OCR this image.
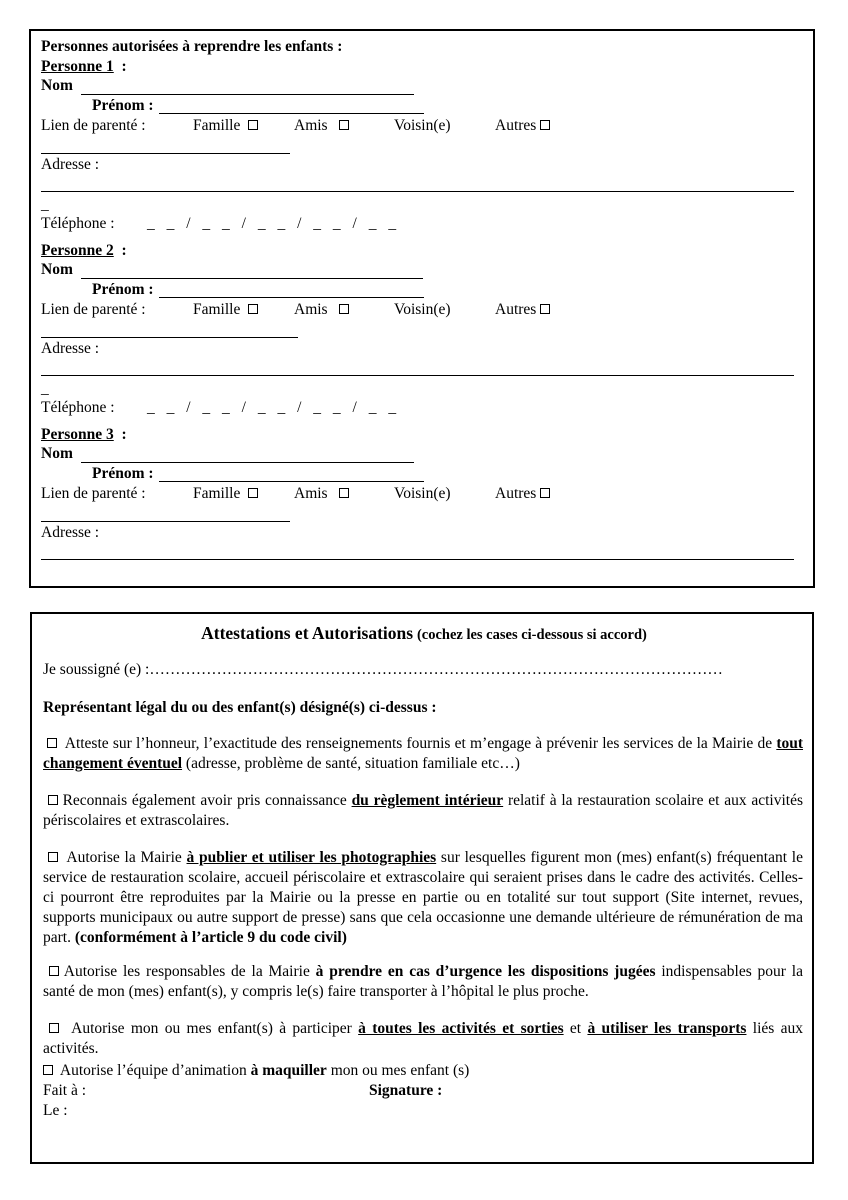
Personnes autorisées à reprendre les enfants :
Personne 1 :
Nom
Prénom :
Lien de parenté :	Famille	Amis	Voisin(e)	Autres
Adresse :
_
Téléphone : _ _ / _ _ / _ _ / _ _ / _ _
Personne 2 :
Nom
Prénom :
Lien de parenté :	Famille	Amis	Voisin(e)	Autres
Adresse :
_
Téléphone : _ _ / _ _ / _ _ / _ _ / _ _
Personne 3 :
Nom
Prénom :
Lien de parenté :	Famille	Amis	Voisin(e)	Autres
Adresse :
Attestations et Autorisations (cochez les cases ci-dessous si accord)
Je soussigné (e) :…………………………………………………………………………………………………
Représentant légal du ou des enfant(s) désigné(s) ci-dessus :
Atteste sur l’honneur, l’exactitude des renseignements fournis et m’engage à prévenir les services de la Mairie de tout changement éventuel (adresse, problème de santé, situation familiale etc…)
Reconnais également avoir pris connaissance du règlement intérieur relatif à la restauration scolaire et aux activités périscolaires et extrascolaires.
Autorise la Mairie à publier et utiliser les photographies sur lesquelles figurent mon (mes) enfant(s) fréquentant le service de restauration scolaire, accueil périscolaire et extrascolaire qui seraient prises dans le cadre des activités. Celles-ci pourront être reproduites par la Mairie ou la presse en partie ou en totalité sur tout support (Site internet, revues, supports municipaux ou autre support de presse) sans que cela occasionne une demande ultérieure de rémunération de ma part. (conformément à l’article 9 du code civil)
Autorise les responsables de la Mairie à prendre en cas d’urgence les dispositions jugées indispensables pour la santé de mon (mes) enfant(s), y compris le(s) faire transporter à l’hôpital le plus proche.
Autorise mon ou mes enfant(s) à participer à toutes les activités et sorties et à utiliser les transports liés aux activités.
Autorise l’équipe d’animation à maquiller mon ou mes enfant (s)
Fait à :	Signature :
Le :
